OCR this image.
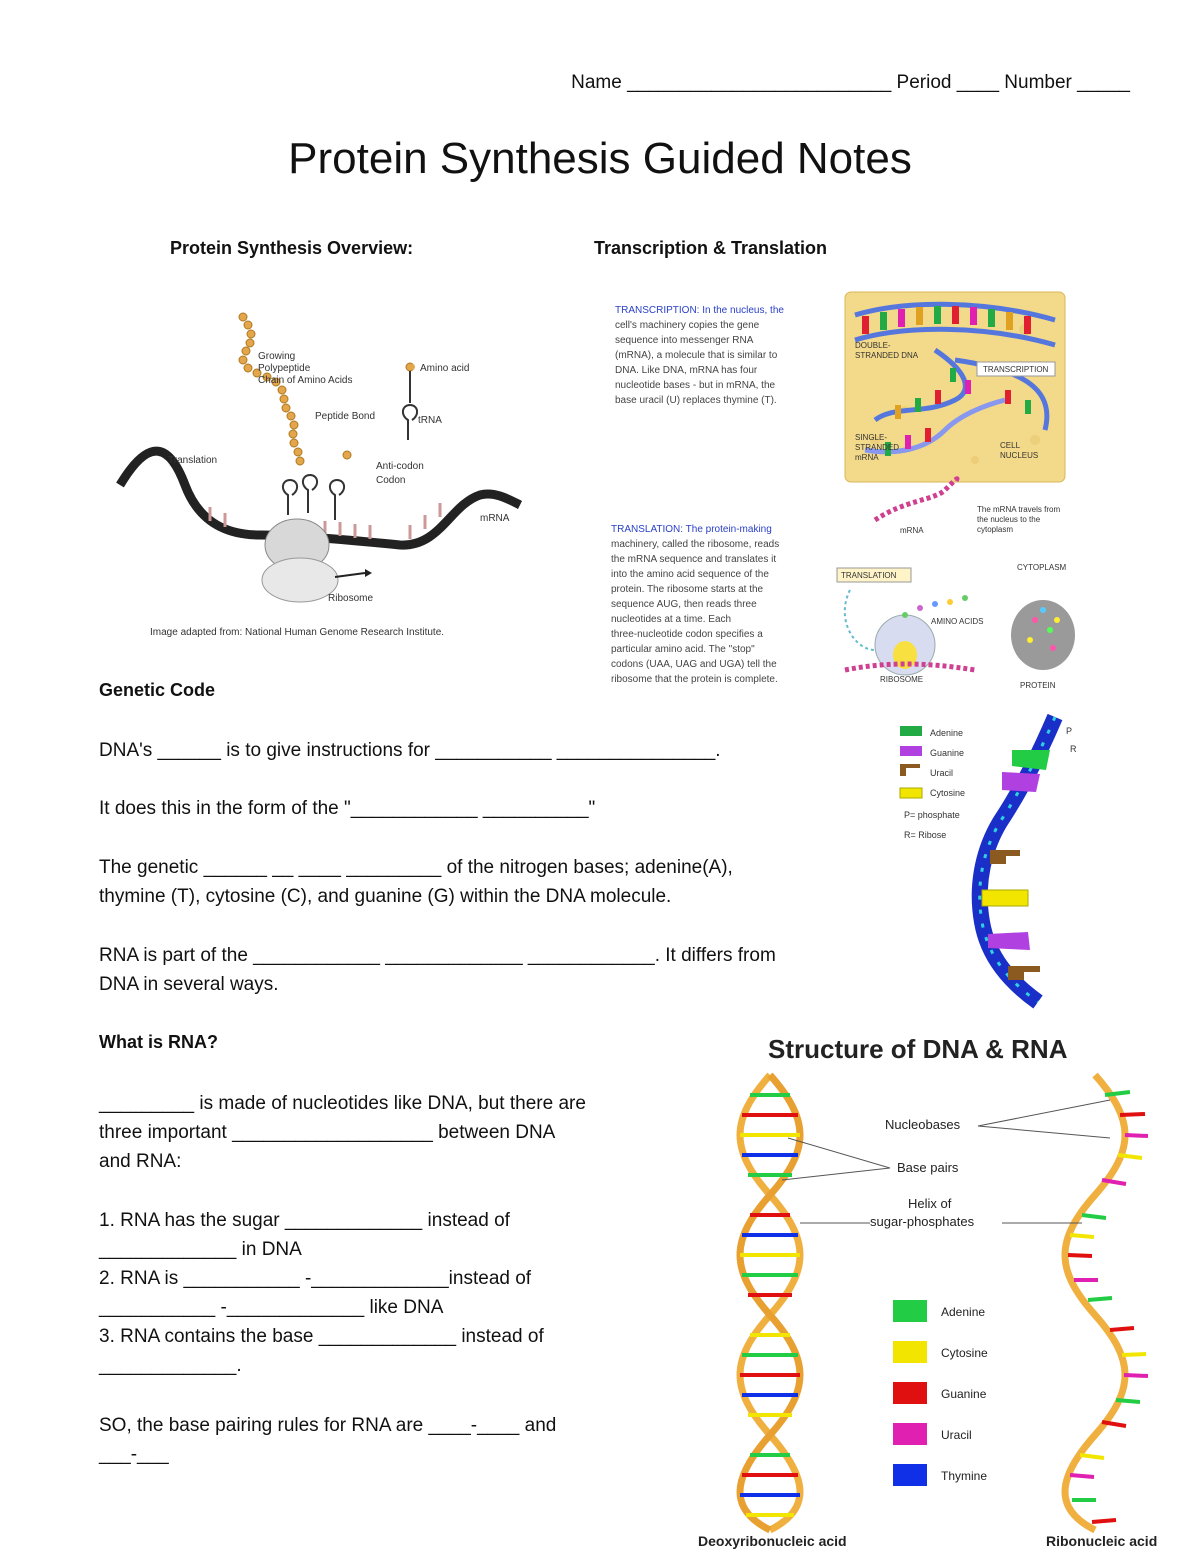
Name _________________________ Period ____ Number _____
Protein Synthesis Guided Notes
Protein Synthesis Overview:	Transcription & Translation
Growing
Polypeptide
Chain of Amino Acids
Amino acid
Peptide Bond	tRNA
Translation
Anti-codon
Codon
mRNA
Ribosome
Image adapted from: National Human Genome Research Institute.
TRANSCRIPTION: In the nucleus, the
cell's machinery copies the gene
sequence into messenger RNA
(mRNA), a molecule that is similar to
DNA. Like DNA, mRNA has four
nucleotide bases - but in mRNA, the
base uracil (U) replaces thymine (T).
TRANSLATION: The protein-making
machinery, called the ribosome, reads
the mRNA sequence and translates it
into the amino acid sequence of the
protein. The ribosome starts at the
sequence AUG, then reads three
nucleotides at a time. Each
three-nucleotide codon specifies a
particular amino acid. The "stop"
codons (UAA, UAG and UGA) tell the
ribosome that the protein is complete.
DOUBLE-
STRANDED DNA
SINGLE-
STRANDED
mRNA
CELL
NUCLEUS
TRANSCRIPTION
mRNA
The mRNA travels from
the nucleus to the
cytoplasm
CYTOPLASM
AMINO ACIDS
TRANSLATION
RIBOSOME
PROTEIN
Genetic Code
DNA's ______ is to give instructions for ___________ _______________.
It does this in the form of the "____________ __________"
The genetic ______ __ ____ _________ of the nitrogen bases; adenine(A),
thymine (T), cytosine (C), and guanine (G) within the DNA molecule.
RNA is part of the ____________ _____________ ____________. It differs from
DNA in several ways.
Adenine
Guanine
Uracil
Cytosine
P= phosphate
R= Ribose
P
R
What is RNA?
_________ is made of nucleotides like DNA, but there are
three important ___________________ between DNA
and RNA:
1. RNA has the sugar _____________ instead of
_____________ in DNA
2. RNA is ___________ -_____________instead of
___________ -_____________ like DNA
3. RNA contains the base _____________ instead of
_____________.
SO, the base pairing rules for RNA are ____-____ and
___-___
Structure of DNA & RNA
Nucleobases
Base pairs
Helix of
sugar-phosphates
Adenine
Cytosine
Guanine
Uracil
Thymine
Deoxyribonucleic acid	Ribonucleic acid
